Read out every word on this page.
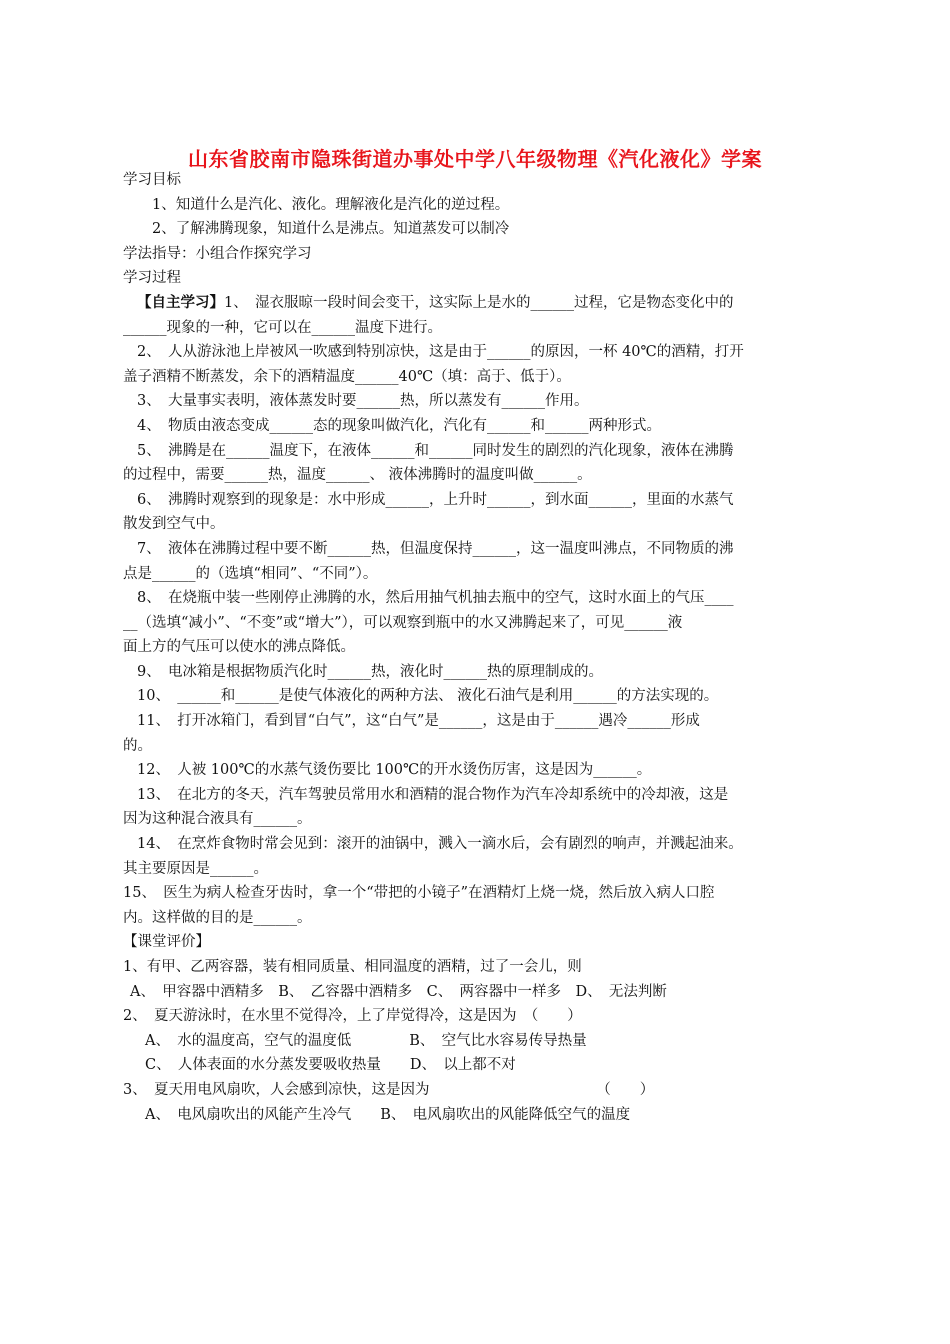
山东省胶南市隐珠街道办事处中学八年级物理《汽化液化》学案
学习目标
1、知道什么是汽化、液化。理解液化是汽化的逆过程。
2、了解沸腾现象，知道什么是沸点。知道蒸发可以制冷
学法指导：小组合作探究学习
学习过程
【自主学习】1、　湿衣服晾一段时间会变干，这实际上是水的______过程，它是物态变化中的
______现象的一种，它可以在______温度下进行。
2、　人从游泳池上岸被风一吹感到特别凉快，这是由于______的原因，一杯 40℃的酒精，打开
盖子酒精不断蒸发，余下的酒精温度______40℃（填：高于、低于）。
3、　大量事实表明，液体蒸发时要______热，所以蒸发有______作用。
4、　物质由液态变成______态的现象叫做汽化，汽化有______和______两种形式。
5、　沸腾是在______温度下，在液体______和______同时发生的剧烈的汽化现象，液体在沸腾
的过程中，需要______热，温度______、 液体沸腾时的温度叫做______。
6、　沸腾时观察到的现象是：水中形成______，上升时______，到水面______，里面的水蒸气
散发到空气中。
7、　液体在沸腾过程中要不断______热，但温度保持______，这一温度叫沸点，不同物质的沸
点是______的（选填“相同”、“不同”）。
8、　在烧瓶中装一些刚停止沸腾的水，然后用抽气机抽去瓶中的空气，这时水面上的气压____
__（选填“减小”、“不变”或“增大”），可以观察到瓶中的水又沸腾起来了，可见______液
面上方的气压可以使水的沸点降低。
9、　电冰箱是根据物质汽化时______热，液化时______热的原理制成的。
10、　______和______是使气体液化的两种方法、 液化石油气是利用______的方法实现的。
11、　打开冰箱门，看到冒“白气”，这“白气”是______，这是由于______遇冷______形成
的。
12、　人被 100℃的水蒸气烫伤要比 100℃的开水烫伤厉害，这是因为______。
13、　在北方的冬天，汽车驾驶员常用水和酒精的混合物作为汽车冷却系统中的冷却液，这是
因为这种混合液具有______。
14、　在烹炸食物时常会见到：滚开的油锅中，溅入一滴水后，会有剧烈的响声，并溅起油来。
其主要原因是______。
15、　医生为病人检查牙齿时，拿一个“带把的小镜子”在酒精灯上烧一烧，然后放入病人口腔
内。这样做的目的是______。
【课堂评价】
1、有甲、乙两容器，装有相同质量、相同温度的酒精，过了一会儿，则
A、　甲容器中酒精多　B、　乙容器中酒精多　C、　两容器中一样多　D、　无法判断
2、　夏天游泳时，在水里不觉得冷，上了岸觉得冷，这是因为　（　　）
A、　水的温度高，空气的温度低　　　　B、　空气比水容易传导热量
C、　人体表面的水分蒸发要吸收热量　　D、　以上都不对
3、　夏天用电风扇吹，人会感到凉快，这是因为　　　　　　　　　　　　（　　）
A、　电风扇吹出的风能产生冷气　　B、　电风扇吹出的风能降低空气的温度
